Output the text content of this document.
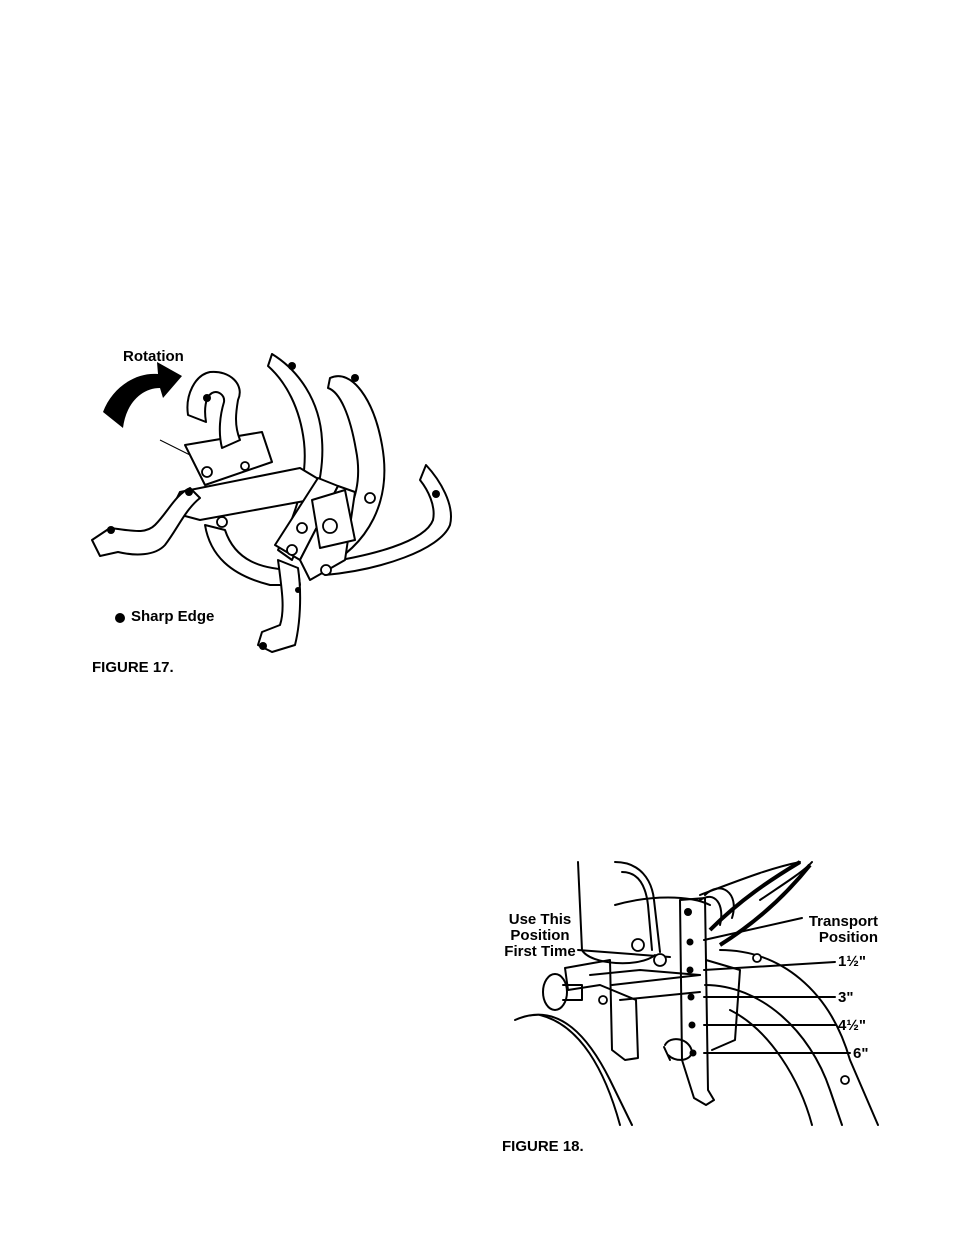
Rotation
Sharp Edge
FIGURE 17.
Use This
Position
First Time
Transport
Position
1½"
3"
4½"
6"
FIGURE 18.
